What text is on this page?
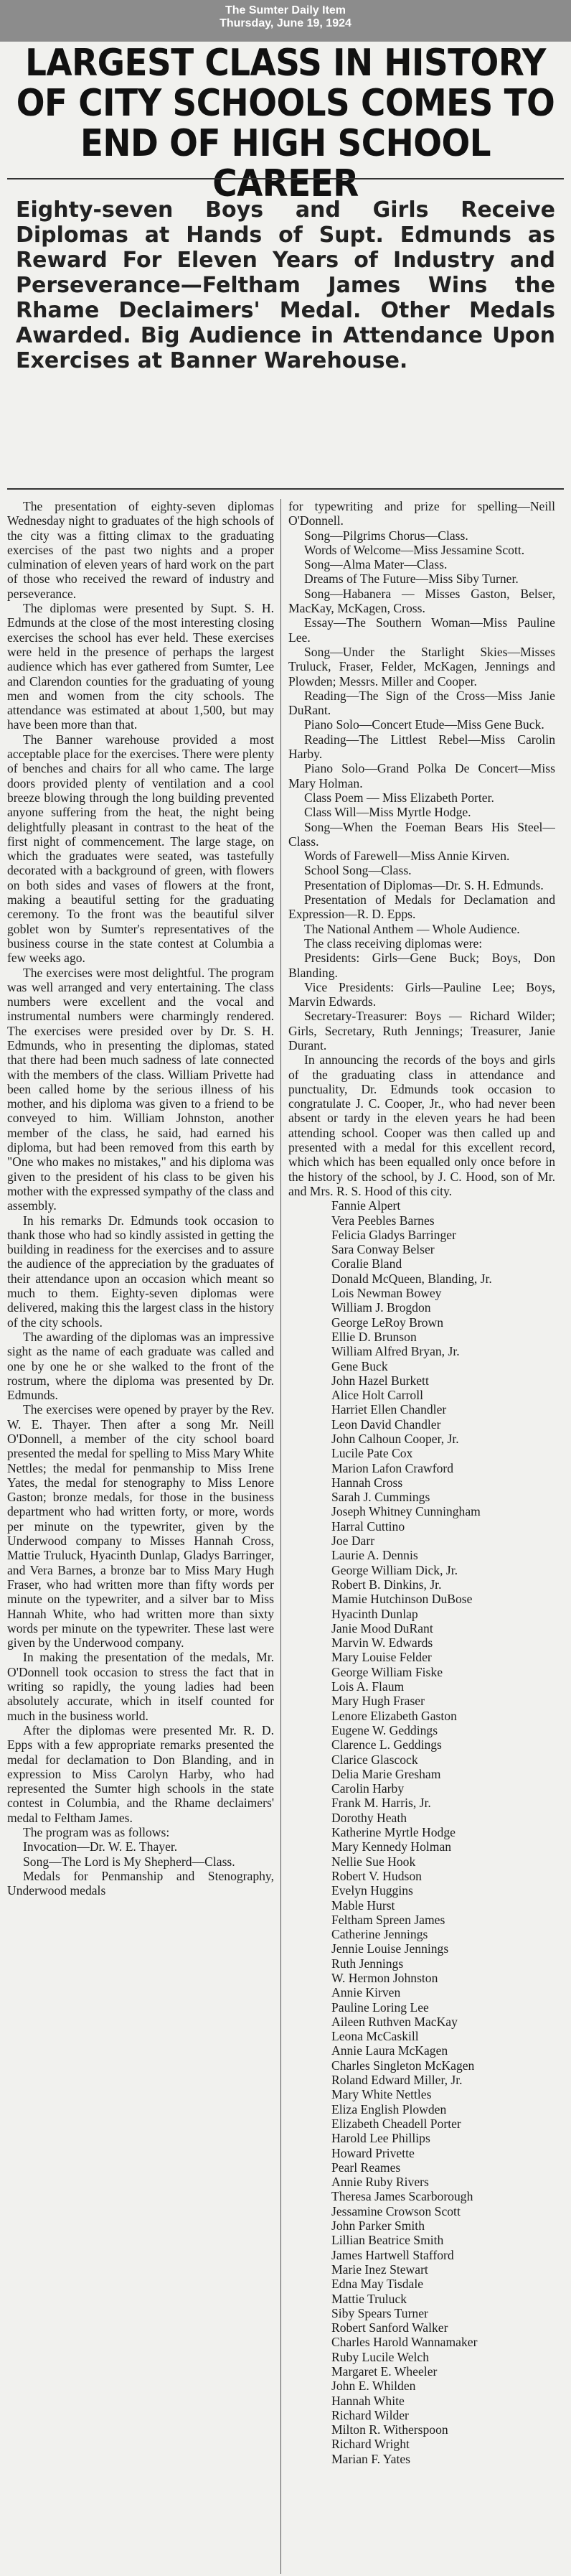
The Sumter Daily Item
Thursday, June 19, 1924
LARGEST CLASS IN HISTORY
OF CITY SCHOOLS COMES TO
END OF HIGH SCHOOL CAREER
Eighty-seven Boys and Girls Receive Diplomas at Hands of Supt. Edmunds as Reward For Eleven Years of Industry and Perseverance—Feltham James Wins the Rhame Declaimers' Medal. Other Medals Awarded. Big Audience in Attendance Upon Exercises at Banner Warehouse.

The presentation of eighty-seven diplomas Wednesday night to graduates of the high schools of the city was a fitting climax to the graduating exercises of the past two nights and a proper culmination of eleven years of hard work on the part of those who received the reward of industry and perseverance.

The diplomas were presented by Supt. S. H. Edmunds at the close of the most interesting closing exercises the school has ever held. These exercises were held in the presence of perhaps the largest audience which has ever gathered from Sumter, Lee and Clarendon counties for the graduating of young men and women from the city schools. The attendance was estimated at about 1,500, but may have been more than that.

The Banner warehouse provided a most acceptable place for the exercises. There were plenty of benches and chairs for all who came. The large doors provided plenty of ventilation and a cool breeze blowing through the long building prevented anyone suffering from the heat, the night being delightfully pleasant in contrast to the heat of the first night of commencement. The large stage, on which the graduates were seated, was tastefully decorated with a background of green, with flowers on both sides and vases of flowers at the front, making a beautiful setting for the graduating ceremony. To the front was the beautiful silver goblet won by Sumter's representatives of the business course in the state contest at Columbia a few weeks ago.

The exercises were most delightful. The program was well arranged and very entertaining. The class numbers were excellent and the vocal and instrumental numbers were charmingly rendered. The exercises were presided over by Dr. S. H. Edmunds, who in presenting the diplomas, stated that there had been much sadness of late connected with the members of the class. William Privette had been called home by the serious illness of his mother, and his diploma was given to a friend to be conveyed to him. William Johnston, another member of the class, he said, had earned his diploma, but had been removed from this earth by "One who makes no mistakes," and his diploma was given to the president of his class to be given his mother with the expressed sympathy of the class and assembly.

In his remarks Dr. Edmunds took occasion to thank those who had so kindly assisted in getting the building in readiness for the exercises and to assure the audience of the appreciation by the graduates of their attendance upon an occasion which meant so much to them. Eighty-seven diplomas were delivered, making this the largest class in the history of the city schools.

The awarding of the diplomas was an impressive sight as the name of each graduate was called and one by one he or she walked to the front of the rostrum, where the diploma was presented by Dr. Edmunds.

The exercises were opened by prayer by the Rev. W. E. Thayer. Then after a song Mr. Neill O'Donnell, a member of the city school board presented the medal for spelling to Miss Mary White Nettles; the medal for penmanship to Miss Irene Yates, the medal for stenography to Miss Lenore Gaston; bronze medals, for those in the business department who had written forty, or more, words per minute on the typewriter, given by the Underwood company to Misses Hannah Cross, Mattie Truluck, Hyacinth Dunlap, Gladys Barringer, and Vera Barnes, a bronze bar to Miss Mary Hugh Fraser, who had written more than fifty words per minute on the typewriter, and a silver bar to Miss Hannah White, who had written more than sixty words per minute on the typewriter. These last were given by the Underwood company.

In making the presentation of the medals, Mr. O'Donnell took occasion to stress the fact that in writing so rapidly, the young ladies had been absolutely accurate, which in itself counted for much in the business world.

After the diplomas were presented Mr. R. D. Epps with a few appropriate remarks presented the medal for declamation to Don Blanding, and in expression to Miss Carolyn Harby, who had represented the Sumter high schools in the state contest in Columbia, and the Rhame declaimers' medal to Feltham James.

The program was as follows:

Invocation—Dr. W. E. Thayer.

Song—The Lord is My Shepherd—Class.

Medals for Penmanship and Stenography, Underwood medals

for typewriting and prize for spelling—Neill O'Donnell.

Song—Pilgrims Chorus—Class.

Words of Welcome—Miss Jessamine Scott.

Song—Alma Mater—Class.

Dreams of The Future—Miss Siby Turner.

Song—Habanera — Misses Gaston, Belser, MacKay, McKagen, Cross.

Essay—The Southern Woman—Miss Pauline Lee.

Song—Under the Starlight Skies—Misses Truluck, Fraser, Felder, McKagen, Jennings and Plowden; Messrs. Miller and Cooper.

Reading—The Sign of the Cross—Miss Janie DuRant.

Piano Solo—Concert Etude—Miss Gene Buck.

Reading—The Littlest Rebel—Miss Carolin Harby.

Piano Solo—Grand Polka De Concert—Miss Mary Holman.

Class Poem — Miss Elizabeth Porter.

Class Will—Miss Myrtle Hodge.

Song—When the Foeman Bears His Steel—Class.

Words of Farewell—Miss Annie Kirven.

School Song—Class.

Presentation of Diplomas—Dr. S. H. Edmunds.

Presentation of Medals for Declamation and Expression—R. D. Epps.

The National Anthem — Whole Audience.

The class receiving diplomas were:

Presidents: Girls—Gene Buck; Boys, Don Blanding.

Vice Presidents: Girls—Pauline Lee; Boys, Marvin Edwards.

Secretary-Treasurer: Boys — Richard Wilder; Girls, Secretary, Ruth Jennings; Treasurer, Janie Durant.

In announcing the records of the boys and girls of the graduating class in attendance and punctuality, Dr. Edmunds took occasion to congratulate J. C. Cooper, Jr., who had never been absent or tardy in the eleven years he had been attending school. Cooper was then called up and presented with a medal for this excellent record, which which has been equalled only once before in the history of the school, by J. C. Hood, son of Mr. and Mrs. R. S. Hood of this city.

Fannie Alpert
Vera Peebles Barnes
Felicia Gladys Barringer
Sara Conway Belser
Coralie Bland
Donald McQueen, Blanding, Jr.
Lois Newman Bowey
William J. Brogdon
George LeRoy Brown
Ellie D. Brunson
William Alfred Bryan, Jr.
Gene Buck
John Hazel Burkett
Alice Holt Carroll
Harriet Ellen Chandler
Leon David Chandler
John Calhoun Cooper, Jr.
Lucile Pate Cox
Marion Lafon Crawford
Hannah Cross
Sarah J. Cummings
Joseph Whitney Cunningham
Harral Cuttino
Joe Darr
Laurie A. Dennis
George William Dick, Jr.
Robert B. Dinkins, Jr.
Mamie Hutchinson DuBose
Hyacinth Dunlap
Janie Mood DuRant
Marvin W. Edwards
Mary Louise Felder
George William Fiske
Lois A. Flaum
Mary Hugh Fraser
Lenore Elizabeth Gaston
Eugene W. Geddings
Clarence L. Geddings
Clarice Glascock
Delia Marie Gresham
Carolin Harby
Frank M. Harris, Jr.
Dorothy Heath
Katherine Myrtle Hodge
Mary Kennedy Holman
Nellie Sue Hook
Robert V. Hudson
Evelyn Huggins
Mable Hurst
Feltham Spreen James
Catherine Jennings
Jennie Louise Jennings
Ruth Jennings
W. Hermon Johnston
Annie Kirven
Pauline Loring Lee
Aileen Ruthven MacKay
Leona McCaskill
Annie Laura McKagen
Charles Singleton McKagen
Roland Edward Miller, Jr.
Mary White Nettles
Eliza English Plowden
Elizabeth Cheadell Porter
Harold Lee Phillips
Howard Privette
Pearl Reames
Annie Ruby Rivers
Theresa James Scarborough
Jessamine Crowson Scott
John Parker Smith
Lillian Beatrice Smith
James Hartwell Stafford
Marie Inez Stewart
Edna May Tisdale
Mattie Truluck
Siby Spears Turner
Robert Sanford Walker
Charles Harold Wannamaker
Ruby Lucile Welch
Margaret E. Wheeler
John E. Whilden
Hannah White
Richard Wilder
Milton R. Witherspoon
Richard Wright
Marian F. Yates
